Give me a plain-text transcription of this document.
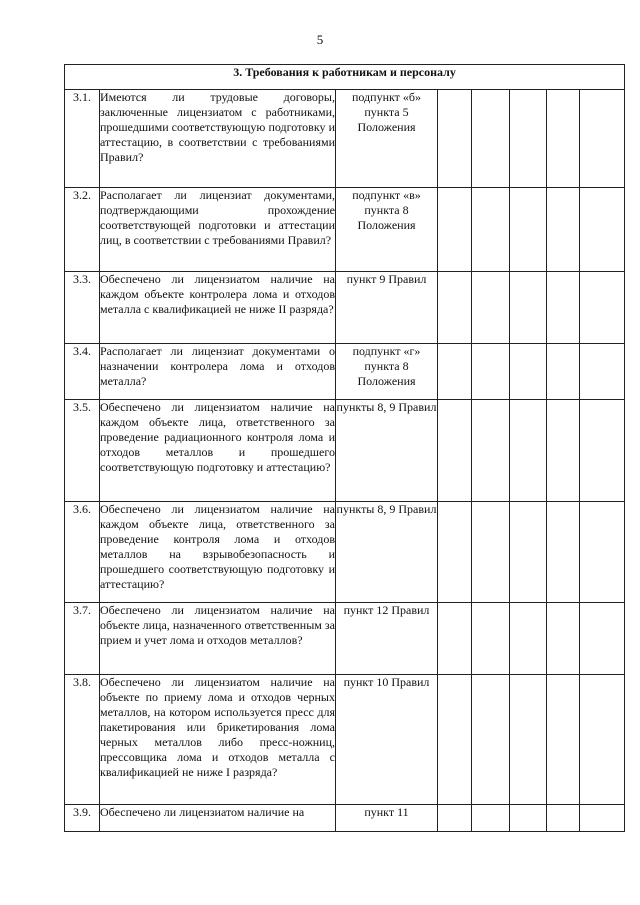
5
3. Требования к работникам и персоналу							
3.1.	Имеются ли трудовые договоры, заключенные лицензиатом с работниками, прошедшими соответствующую подготовку и аттестацию, в соответствии с требованиями Правил?	подпункт «б» пункта 5 Положения					
3.2.	Располагает ли лицензиат документами, подтверждающими прохождение соответствующей подготовки и аттестации лиц, в соответствии с требованиями Правил?	подпункт «в» пункта 8 Положения					
3.3.	Обеспечено ли лицензиатом наличие на каждом объекте контролера лома и отходов металла с квалификацией не ниже II разряда?	пункт 9 Правил					
3.4.	Располагает ли лицензиат документами о назначении контролера лома и отходов металла?	подпункт «г» пункта 8 Положения					
3.5.	Обеспечено ли лицензиатом наличие на каждом объекте лица, ответственного за проведение радиационного контроля лома и отходов металлов и прошедшего соответствующую подготовку и аттестацию?	пункты 8, 9 Правил					
3.6.	Обеспечено ли лицензиатом наличие на каждом объекте лица, ответственного за проведение контроля лома и отходов металлов на взрывобезопасность и прошедшего соответствующую подготовку и аттестацию?	пункты 8, 9 Правил					
3.7.	Обеспечено ли лицензиатом наличие на объекте лица, назначенного ответственным за прием и учет лома и отходов металлов?	пункт 12 Правил					
3.8.	Обеспечено ли лицензиатом наличие на объекте по приему лома и отходов черных металлов, на котором используется пресс для пакетирования или брикетирования лома черных металлов либо пресс-ножниц, прессовщика лома и отходов металла с квалификацией не ниже I разряда?	пункт 10 Правил					
3.9.	Обеспечено ли лицензиатом наличие на	пункт 11					
